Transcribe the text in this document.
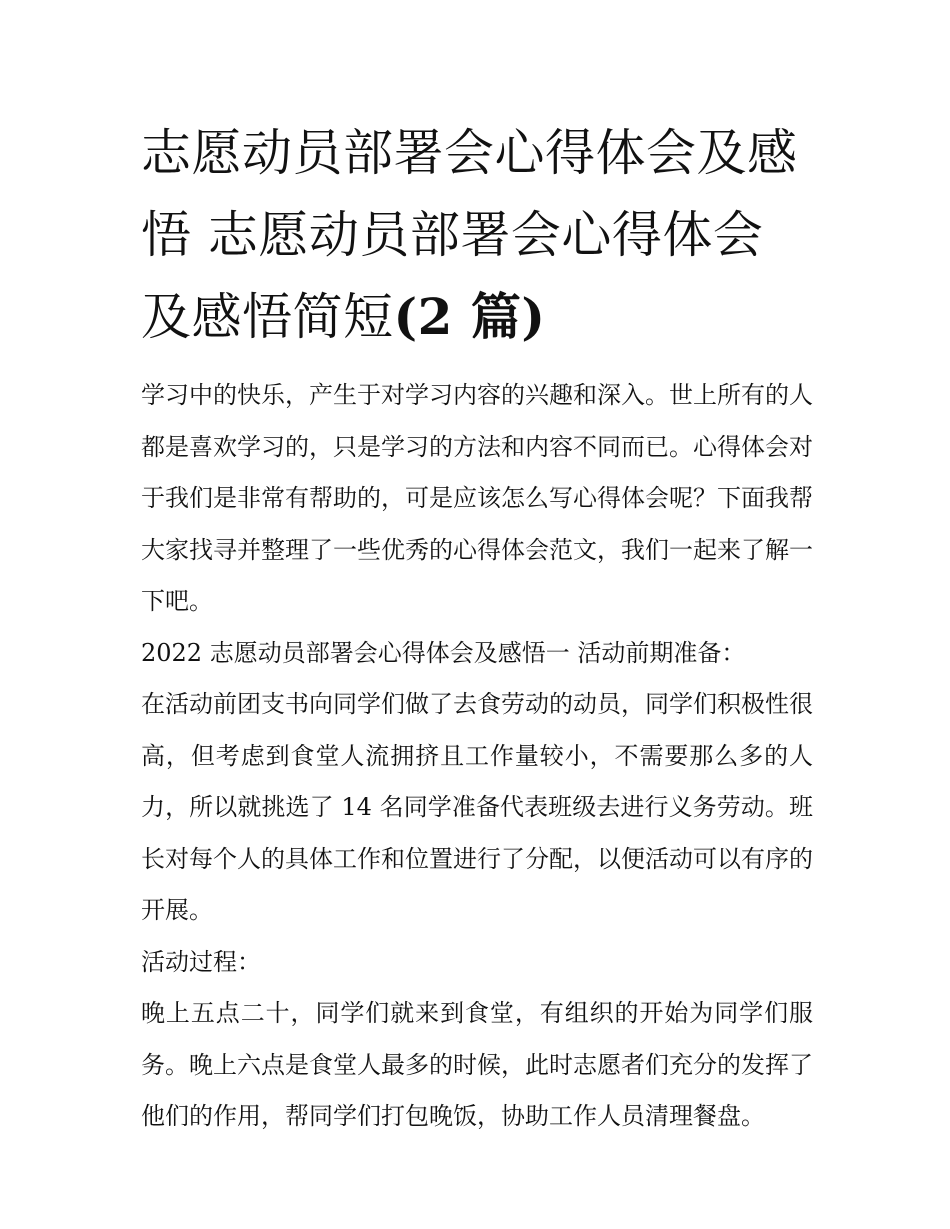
志愿动员部署会心得体会及感悟 志愿动员部署会心得体会及感悟简短(2 篇)

学习中的快乐，产生于对学习内容的兴趣和深入。世上所有的人都是喜欢学习的，只是学习的方法和内容不同而已。心得体会对于我们是非常有帮助的，可是应该怎么写心得体会呢？下面我帮大家找寻并整理了一些优秀的心得体会范文，我们一起来了解一下吧。

2022 志愿动员部署会心得体会及感悟一 活动前期准备：

在活动前团支书向同学们做了去食劳动的动员，同学们积极性很高，但考虑到食堂人流拥挤且工作量较小，不需要那么多的人力，所以就挑选了 14 名同学准备代表班级去进行义务劳动。班长对每个人的具体工作和位置进行了分配，以便活动可以有序的开展。

活动过程：

晚上五点二十，同学们就来到食堂，有组织的开始为同学们服务。晚上六点是食堂人最多的时候，此时志愿者们充分的发挥了他们的作用，帮同学们打包晚饭，协助工作人员清理餐盘。
